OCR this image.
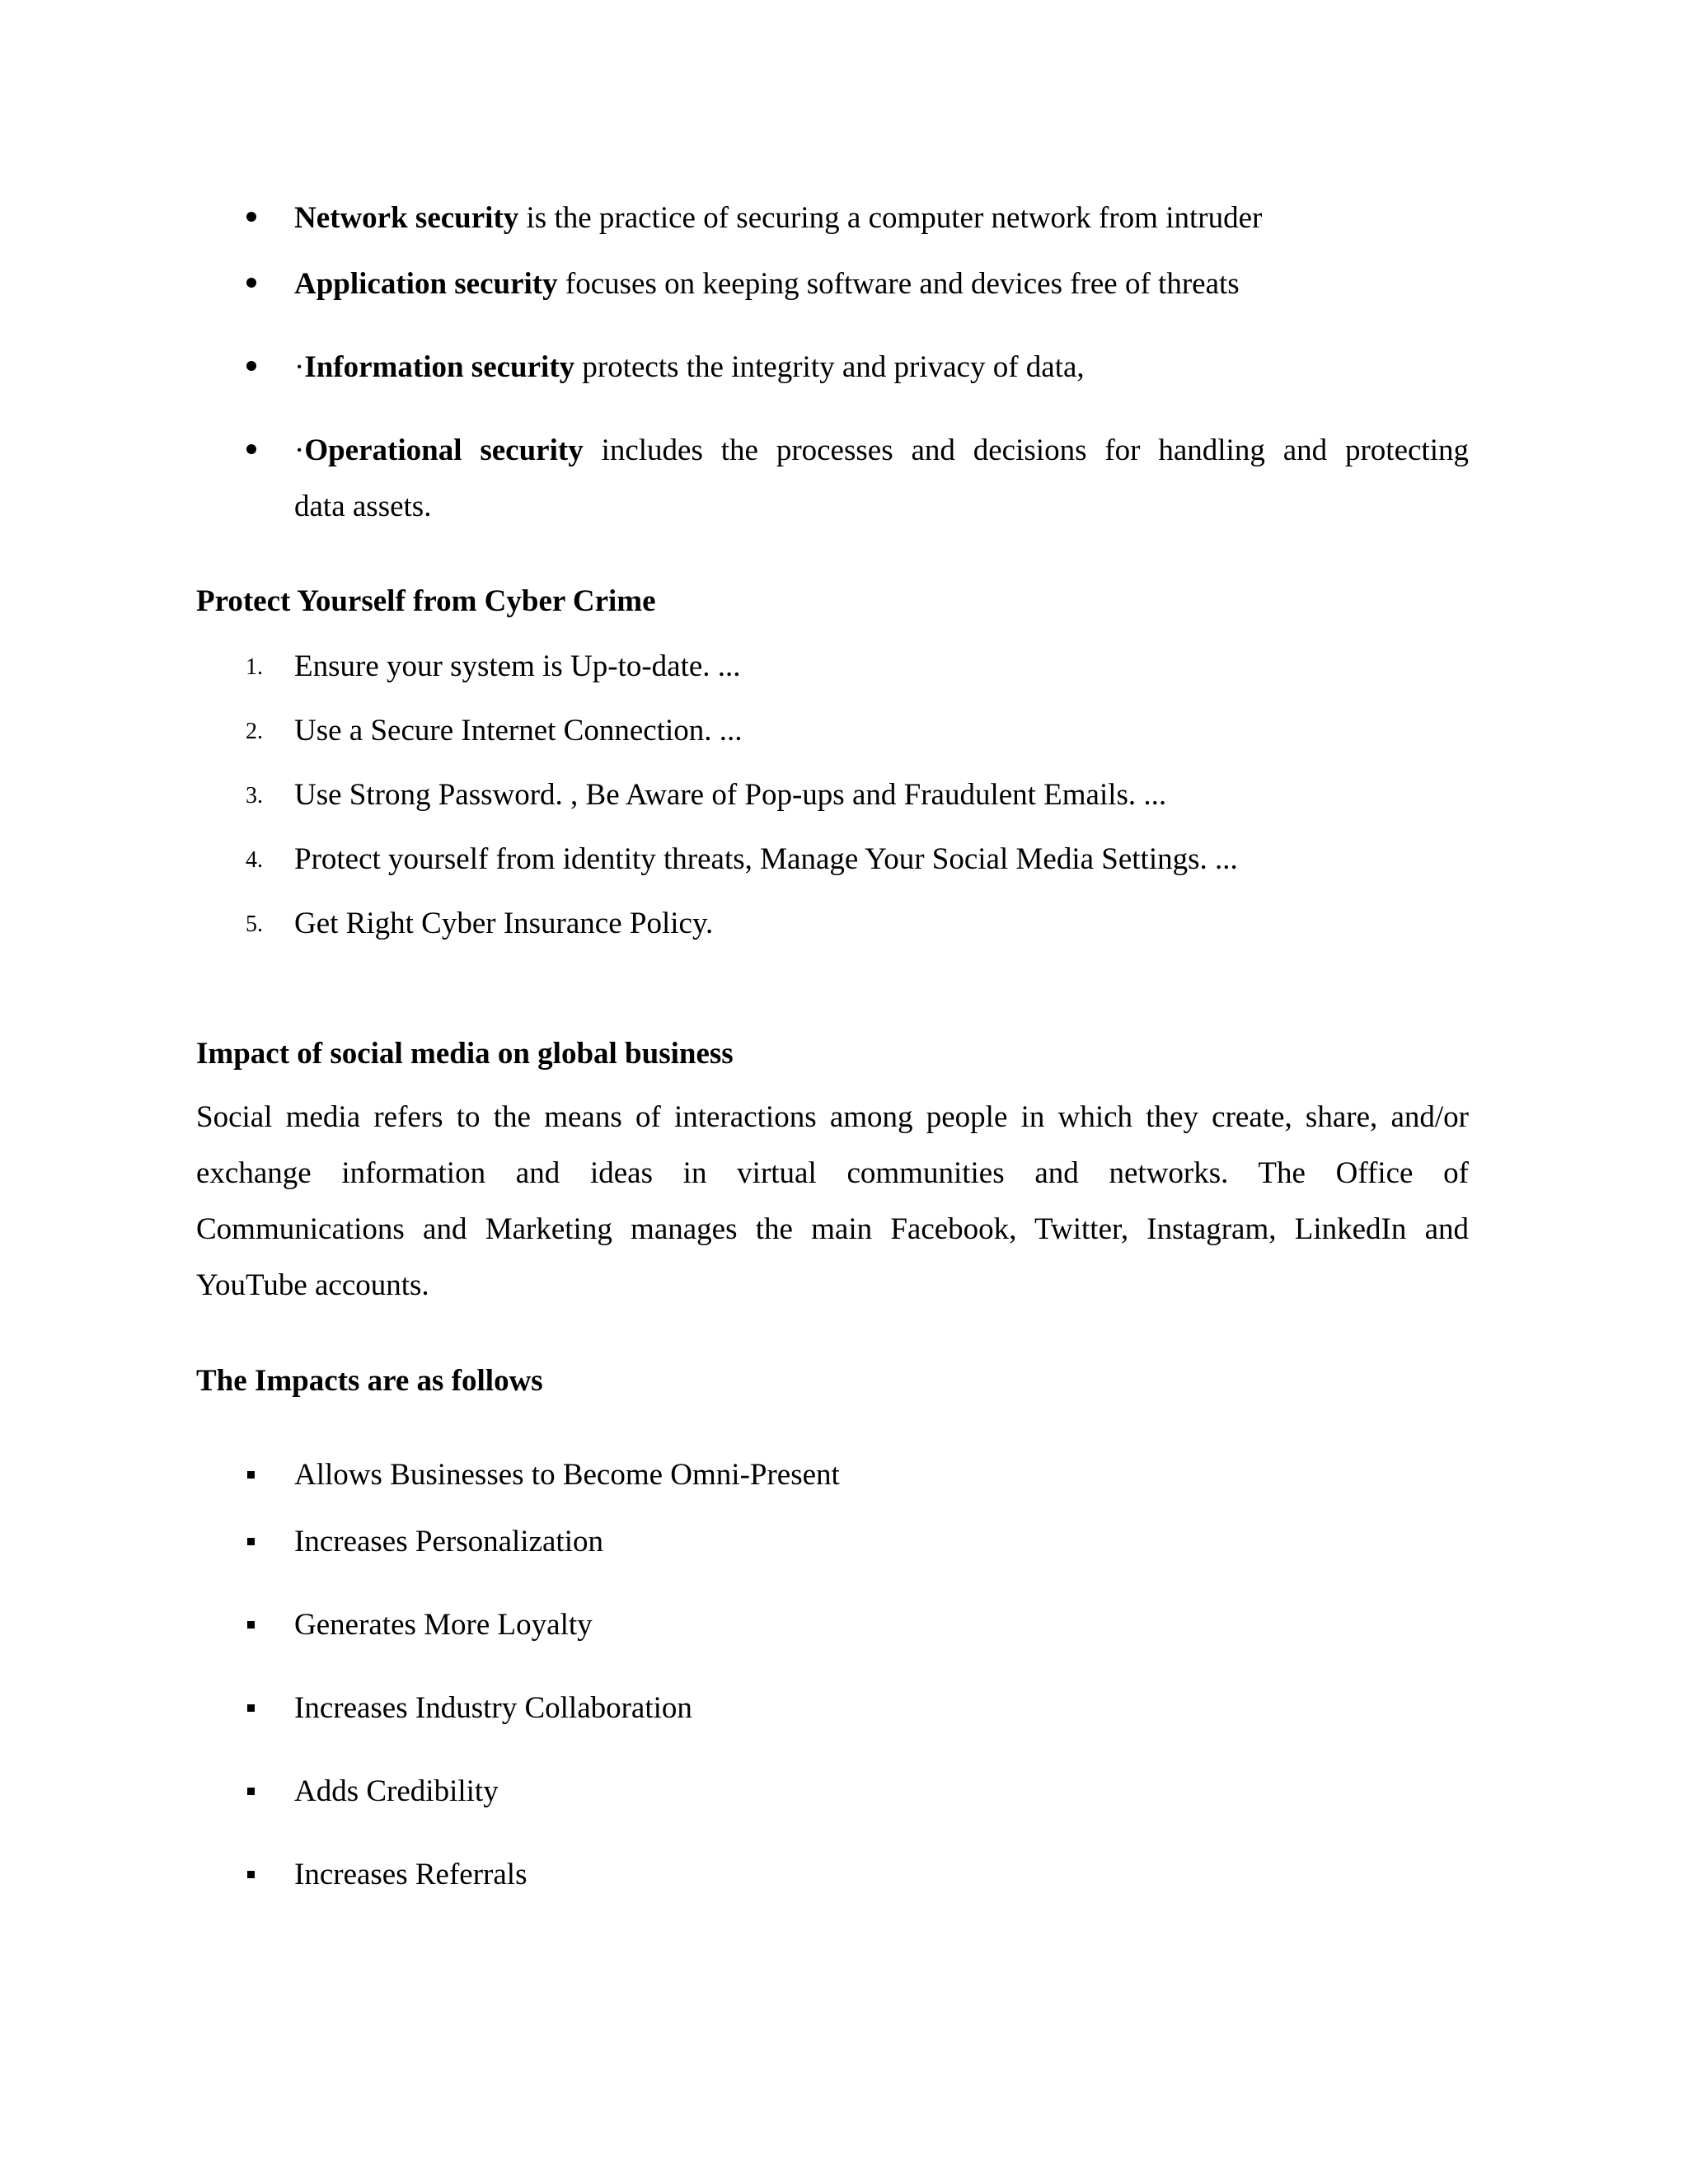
Network security is the practice of securing a computer network from intruder
Application security focuses on keeping software and devices free of threats
·Information security protects the integrity and privacy of data,
·Operational security includes the processes and decisions for handling and protecting
data assets.
Protect Yourself from Cyber Crime
1. Ensure your system is Up-to-date. ...
2. Use a Secure Internet Connection. ...
3. Use Strong Password. , Be Aware of Pop-ups and Fraudulent Emails. ...
4. Protect yourself from identity threats, Manage Your Social Media Settings. ...
5. Get Right Cyber Insurance Policy.
Impact of social media on global business
Social media refers to the means of interactions among people in which they create, share, and/or
exchange information and ideas in virtual communities and networks. The Office of
Communications and Marketing manages the main Facebook, Twitter, Instagram, LinkedIn and
YouTube accounts.
The Impacts are as follows
Allows Businesses to Become Omni-Present
Increases Personalization
Generates More Loyalty
Increases Industry Collaboration
Adds Credibility
Increases Referrals
